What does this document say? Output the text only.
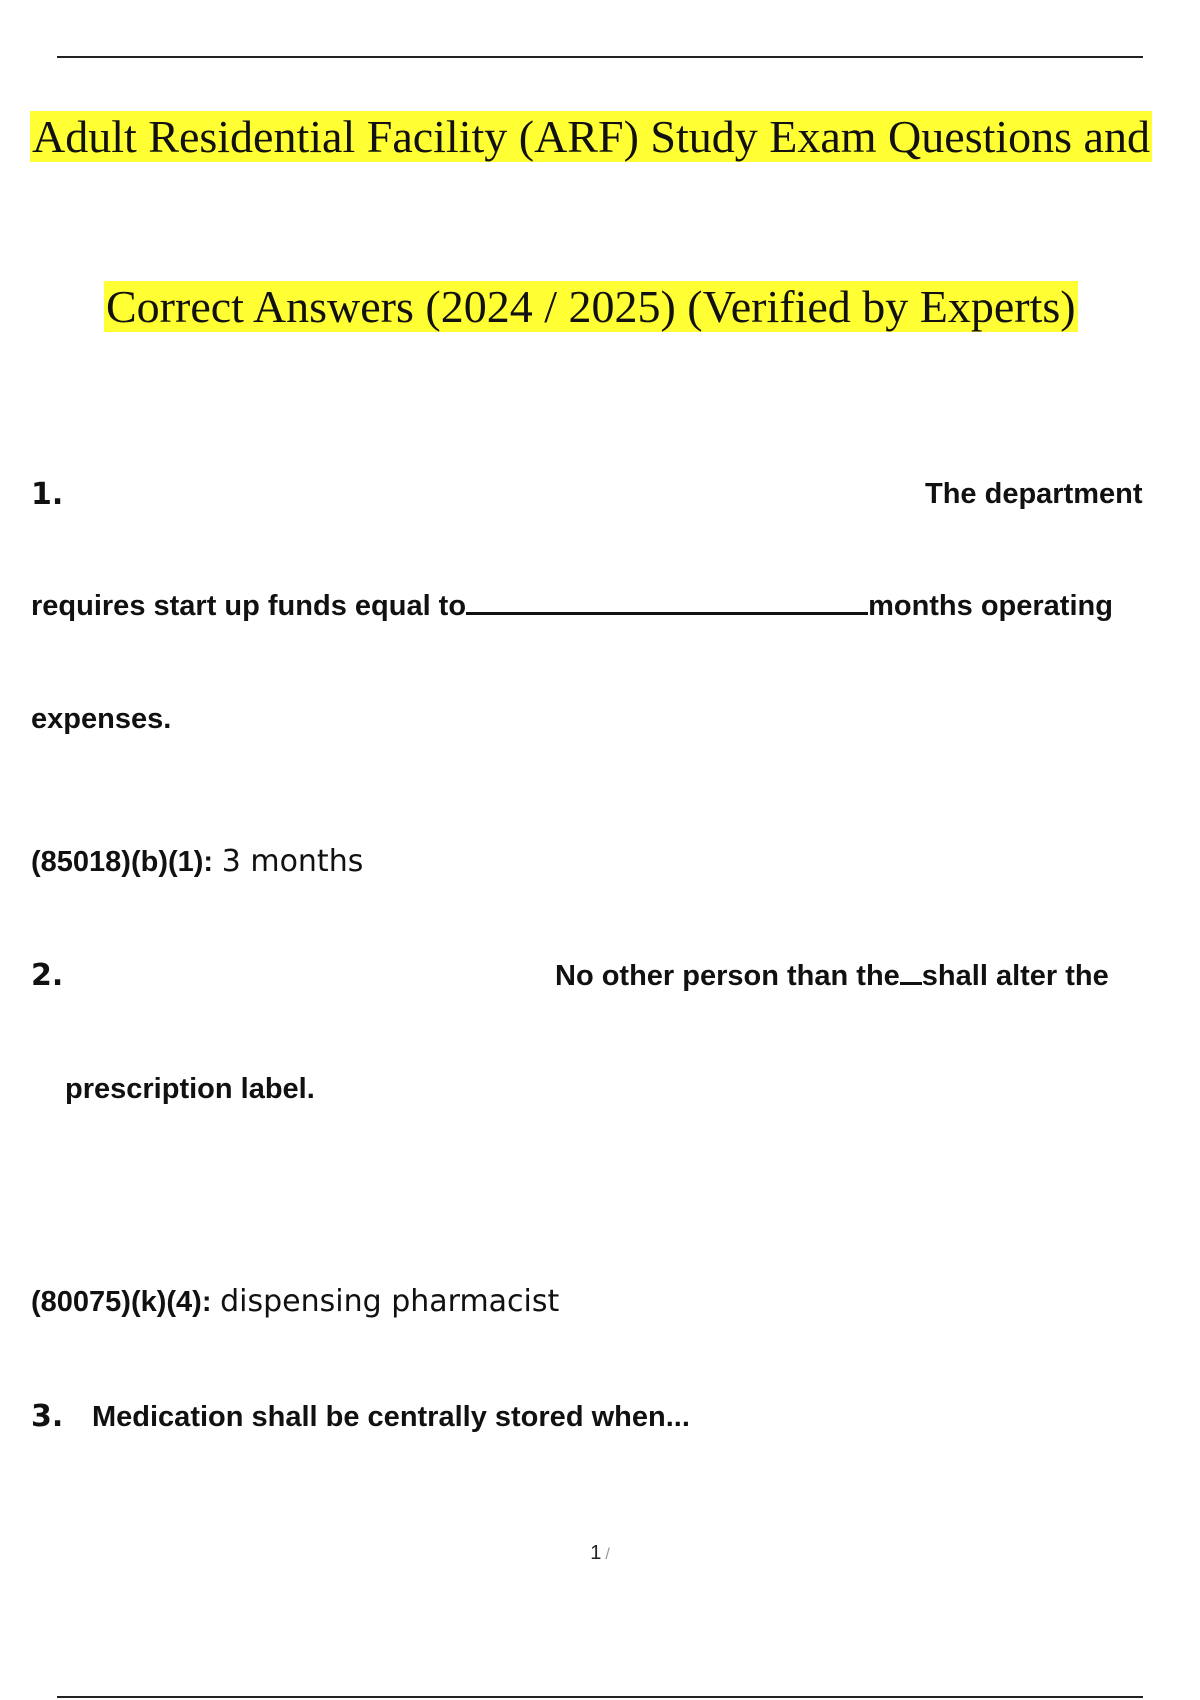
Adult Residential Facility (ARF) Study Exam Questions and
Correct Answers (2024 / 2025) (Verified by Experts)
1.	The department
requires start up funds equal to	months operating
expenses.
(85018)(b)(1): 3 months
2.	No other person than the shall alter the
prescription label.
(80075)(k)(4): dispensing pharmacist
3. Medication shall be centrally stored when...
1 /
